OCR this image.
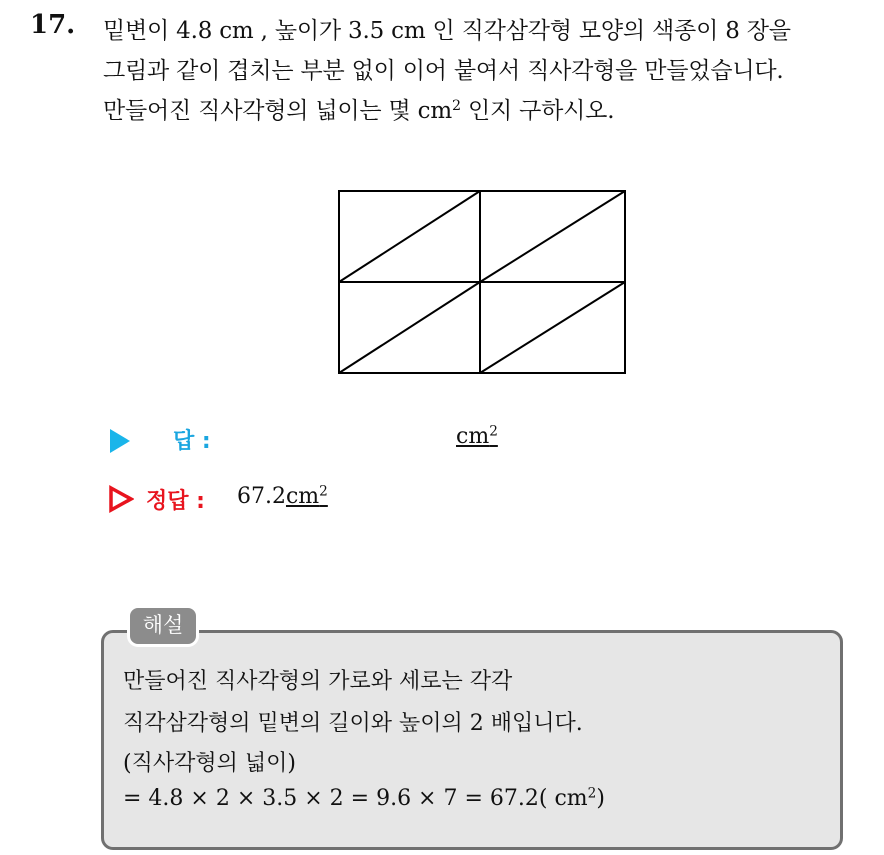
17. 밑변이 4.8 cm , 높이가 3.5 cm 인 직각삼각형 모양의 색종이 8 장을
그림과 같이 겹치는 부분 없이 이어 붙여서 직사각형을 만들었습니다.
만들어진 직사각형의 넓이는 몇 $cm^2$ 인지 구하시오.
답 :	$cm^2$
정답 : $67.2cm^2$
해설
만들어진 직사각형의 가로와 세로는 각각
직각삼각형의 밑변의 길이와 높이의 2 배입니다.
(직사각형의 넓이)
= 4.8 × 2 × 3.5 × 2 = 9.6 × 7 = 67.2( $cm^2$)
